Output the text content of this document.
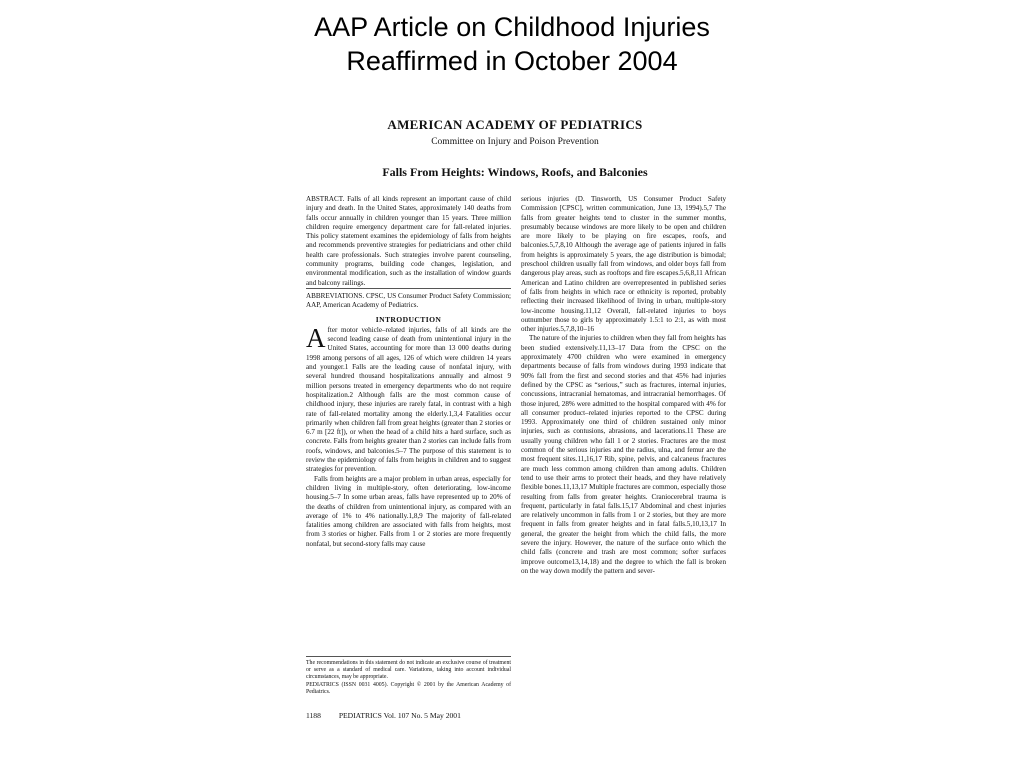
AAP Article on Childhood Injuries
Reaffirmed in October 2004
AMERICAN ACADEMY OF PEDIATRICS
Committee on Injury and Poison Prevention
Falls From Heights: Windows, Roofs, and Balconies

ABSTRACT. Falls of all kinds represent an important cause of child injury and death. In the United States, approximately 140 deaths from falls occur annually in children younger than 15 years. Three million children require emergency department care for fall-related injuries. This policy statement examines the epidemiology of falls from heights and recommends preventive strategies for pediatricians and other child health care professionals. Such strategies involve parent counseling, community programs, building code changes, legislation, and environmental modification, such as the installation of window guards and balcony railings.

ABBREVIATIONS. CPSC, US Consumer Product Safety Commission; AAP, American Academy of Pediatrics.

INTRODUCTION

After motor vehicle–related injuries, falls of all kinds are the second leading cause of death from unintentional injury in the United States, accounting for more than 13 000 deaths during 1998 among persons of all ages, 126 of which were children 14 years and younger.1 Falls are the leading cause of nonfatal injury, with several hundred thousand hospitalizations annually and almost 9 million persons treated in emergency departments who do not require hospitalization.2 Although falls are the most common cause of childhood injury, these injuries are rarely fatal, in contrast with a high rate of fall-related mortality among the elderly.1,3,4 Fatalities occur primarily when children fall from great heights (greater than 2 stories or 6.7 m [22 ft]), or when the head of a child hits a hard surface, such as concrete. Falls from heights greater than 2 stories can include falls from roofs, windows, and balconies.5–7 The purpose of this statement is to review the epidemiology of falls from heights in children and to suggest strategies for prevention.

Falls from heights are a major problem in urban areas, especially for children living in multiple-story, often deteriorating, low-income housing.5–7 In some urban areas, falls have represented up to 20% of the deaths of children from unintentional injury, as compared with an average of 1% to 4% nationally.1,8,9 The majority of fall-related fatalities among children are associated with falls from heights, most from 3 stories or higher. Falls from 1 or 2 stories are more frequently nonfatal, but second-story falls may cause

The recommendations in this statement do not indicate an exclusive course of treatment or serve as a standard of medical care. Variations, taking into account individual circumstances, may be appropriate.
PEDIATRICS (ISSN 0031 4005). Copyright © 2001 by the American Academy of Pediatrics.

serious injuries (D. Tinsworth, US Consumer Product Safety Commission [CPSC], written communication, June 13, 1994).5,7 The falls from greater heights tend to cluster in the summer months, presumably because windows are more likely to be open and children are more likely to be playing on fire escapes, roofs, and balconies.5,7,8,10 Although the average age of patients injured in falls from heights is approximately 5 years, the age distribution is bimodal; preschool children usually fall from windows, and older boys fall from dangerous play areas, such as rooftops and fire escapes.5,6,8,11 African American and Latino children are overrepresented in published series of falls from heights in which race or ethnicity is reported, probably reflecting their increased likelihood of living in urban, multiple-story low-income housing.11,12 Overall, fall-related injuries to boys outnumber those to girls by approximately 1.5:1 to 2:1, as with most other injuries.5,7,8,10–16

The nature of the injuries to children when they fall from heights has been studied extensively.11,13–17 Data from the CPSC on the approximately 4700 children who were examined in emergency departments because of falls from windows during 1993 indicate that 90% fall from the first and second stories and that 45% had injuries defined by the CPSC as “serious,” such as fractures, internal injuries, concussions, intracranial hematomas, and intracranial hemorrhages. Of those injured, 28% were admitted to the hospital compared with 4% for all consumer product–related injuries reported to the CPSC during 1993. Approximately one third of children sustained only minor injuries, such as contusions, abrasions, and lacerations.11 These are usually young children who fall 1 or 2 stories. Fractures are the most common of the serious injuries and the radius, ulna, and femur are the most frequent sites.11,16,17 Rib, spine, pelvis, and calcaneus fractures are much less common among children than among adults. Children tend to use their arms to protect their heads, and they have relatively flexible bones.11,13,17 Multiple fractures are common, especially those resulting from falls from greater heights. Craniocerebral trauma is frequent, particularly in fatal falls.15,17 Abdominal and chest injuries are relatively uncommon in falls from 1 or 2 stories, but they are more frequent in falls from greater heights and in fatal falls.5,10,13,17 In general, the greater the height from which the child falls, the more severe the injury. However, the nature of the surface onto which the child falls (concrete and trash are most common; softer surfaces improve outcome13,14,18) and the degree to which the fall is broken on the way down modify the pattern and sever-

1188 PEDIATRICS Vol. 107 No. 5 May 2001
